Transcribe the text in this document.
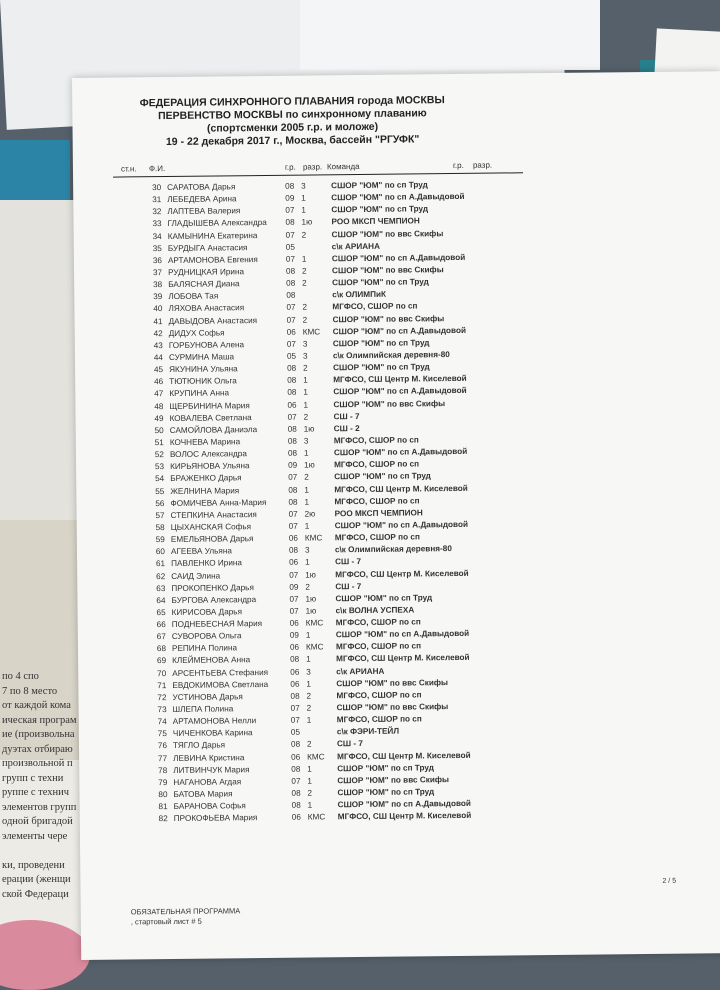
по 4 спо
7 по 8 место
от каждой кома
ическая програм
ие (произвольна
дуэтах отбираю
произвольной п
групп с техни
руппе с технич
элементов групп
одной бригадой
элементы чере

ки, проведени
ерации (женщи
ской Федераци
ФЕДЕРАЦИЯ СИНХРОННОГО ПЛАВАНИЯ города МОСКВЫ
ПЕРВЕНСТВО МОСКВЫ по синхронному плаванию
(спортсменки 2005 г.р. и моложе)
19 - 22 декабря 2017 г., Москва, бассейн "РГУФК"
ст.н. Ф.И.	г.р. разр. Команда	г.р. разр.
30 САРАТОВА Дарья	08 3	СШОР "ЮМ" по сп Труд
31 ЛЕБЕДЕВА Арина	09 1	СШОР "ЮМ" по сп А.Давыдовой
32 ЛАПТЕВА Валерия	07 1	СШОР "ЮМ" по сп Труд
33 ГЛАДЫШЕВА Александра 08 1ю РОО МКСП ЧЕМПИОН
34 КАМЫНИНА Екатерина	07 2	СШОР "ЮМ" по ввс Скифы
35 БУРДЫГА Анастасия	05	с\к АРИАНА
36 АРТАМОНОВА Евгения	07 1	СШОР "ЮМ" по сп А.Давыдовой
37 РУДНИЦКАЯ Ирина	08 2	СШОР "ЮМ" по ввс Скифы
38 БАЛЯСНАЯ Диана	08 2	СШОР "ЮМ" по сп Труд
39 ЛОБОВА Тая	08	с\к ОЛИМПиК
40 ЛЯХОВА Анастасия	07 2	МГФСО, СШОР по сп
41 ДАВЫДОВА Анастасия	07 2	СШОР "ЮМ" по ввс Скифы
42 ДИДУХ Софья	06 КМС СШОР "ЮМ" по сп А.Давыдовой
43 ГОРБУНОВА Алена	07 3	СШОР "ЮМ" по сп Труд
44 СУРМИНА Маша	05 3	с\к Олимпийская деревня-80
45 ЯКУНИНА Ульяна	08 2	СШОР "ЮМ" по сп Труд
46 ТЮТЮНИК Ольга	08 1	МГФСО, СШ Центр М. Киселевой
47 КРУПИНА Анна	08 1	СШОР "ЮМ" по сп А.Давыдовой
48 ЩЕРБИНИНА Мария	06 1	СШОР "ЮМ" по ввс Скифы
49 КОВАЛЕВА Светлана	07 2	СШ - 7
50 САМОЙЛОВА Даниэла	08 1ю СШ - 2
51 КОЧНЕВА Марина	08 3	МГФСО, СШОР по сп
52 ВОЛОС Александра	08 1	СШОР "ЮМ" по сп А.Давыдовой
53 КИРЬЯНОВА Ульяна	09 1ю МГФСО, СШОР по сп
54 БРАЖЕНКО Дарья	07 2	СШОР "ЮМ" по сп Труд
55 ЖЕЛНИНА Мария	08 1	МГФСО, СШ Центр М. Киселевой
56 ФОМИЧЕВА Анна-Мария	08 1	МГФСО, СШОР по сп
57 СТЕПКИНА Анастасия	07 2ю РОО МКСП ЧЕМПИОН
58 ЦЫХАНСКАЯ Софья	07 1	СШОР "ЮМ" по сп А.Давыдовой
59 ЕМЕЛЬЯНОВА Дарья	06 КМС МГФСО, СШОР по сп
60 АГЕЕВА Ульяна	08 3	с\к Олимпийская деревня-80
61 ПАВЛЕНКО Ирина	06 1	СШ - 7
62 САИД Элина	07 1ю МГФСО, СШ Центр М. Киселевой
63 ПРОКОПЕНКО Дарья	09 2	СШ - 7
64 БУРГОВА Александра	07 1ю СШОР "ЮМ" по сп Труд
65 КИРИСОВА Дарья	07 1ю с\к ВОЛНА УСПЕХА
66 ПОДНЕБЕСНАЯ Мария	06 КМС МГФСО, СШОР по сп
67 СУВОРОВА Ольга	09 1	СШОР "ЮМ" по сп А.Давыдовой
68 РЕПИНА Полина	06 КМС МГФСО, СШОР по сп
69 КЛЕЙМЕНОВА Анна	08 1	МГФСО, СШ Центр М. Киселевой
70 АРСЕНТЬЕВА Стефания	06 3	с\к АРИАНА
71 ЕВДОКИМОВА Светлана	06 1	СШОР "ЮМ" по ввс Скифы
72 УСТИНОВА Дарья	08 2	МГФСО, СШОР по сп
73 ШЛЕПА Полина	07 2	СШОР "ЮМ" по ввс Скифы
74 АРТАМОНОВА Нелли	07 1	МГФСО, СШОР по сп
75 ЧИЧЕНКОВА Карина	05	с\к ФЭРИ-ТЕЙЛ
76 ТЯГЛО Дарья	08 2	СШ - 7
77 ЛЕВИНА Кристина	06 КМС МГФСО, СШ Центр М. Киселевой
78 ЛИТВИНЧУК Мария	08 1	СШОР "ЮМ" по сп Труд
79 НАГАНОВА Агдая	07 1	СШОР "ЮМ" по ввс Скифы
80 БАТОВА Мария	08 2	СШОР "ЮМ" по сп Труд
81 БАРАНОВА Софья	08 1	СШОР "ЮМ" по сп А.Давыдовой
82 ПРОКОФЬЕВА Мария	06 КМС МГФСО, СШ Центр М. Киселевой
2 / 5
ОБЯЗАТЕЛЬНАЯ ПРОГРАММА
, стартовый лист # 5
